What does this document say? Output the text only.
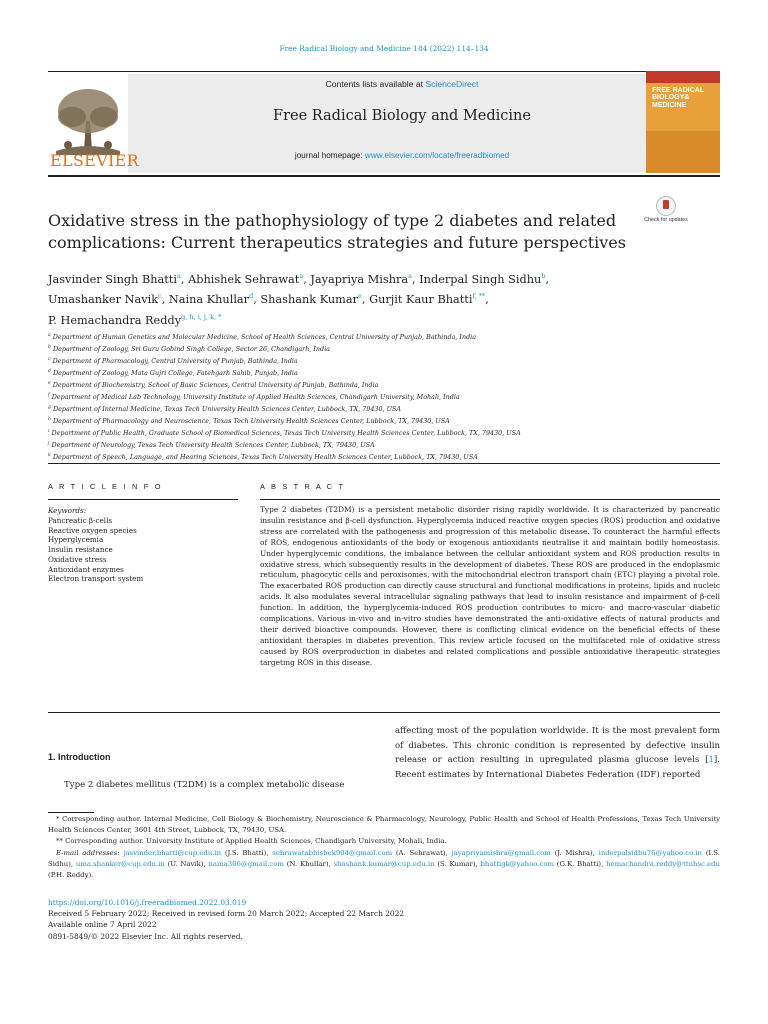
Free Radical Biology and Medicine 184 (2022) 114–134
ELSEVIER
Contents lists available at ScienceDirect
Free Radical Biology and Medicine
journal homepage: www.elsevier.com/locate/freeradbiomed
FREE RADICAL BIOLOGY& MEDICINE
Check for updates
Oxidative stress in the pathophysiology of type 2 diabetes and related complications: Current therapeutics strategies and future perspectives
Jasvinder Singh Bhatti$^a$, Abhishek Sehrawat$^a$, Jayapriya Mishra$^a$, Inderpal Singh Sidhu$^b$,
Umashanker Navik$^c$, Naina Khullar$^d$, Shashank Kumar$^e$, Gurjit Kaur Bhatti$^{f, **}$,
P. Hemachandra Reddy$^{g, h, i, j, k, *}$
$^a$ Department of Human Genetics and Molecular Medicine, School of Health Sciences, Central University of Punjab, Bathinda, India
$^b$ Department of Zoology, Sri Guru Gobind Singh College, Sector 26, Chandigarh, India
$^c$ Department of Pharmacology, Central University of Punjab, Bathinda, India
$^d$ Department of Zoology, Mata Gujri College, Fatehgarh Sahib, Punjab, India
$^e$ Department of Biochemistry, School of Basic Sciences, Central University of Punjab, Bathinda, India
$^f$ Department of Medical Lab Technology, University Institute of Applied Health Sciences, Chandigarh University, Mohali, India
$^g$ Department of Internal Medicine, Texas Tech University Health Sciences Center, Lubbock, TX, 79430, USA
$^h$ Department of Pharmacology and Neuroscience, Texas Tech University Health Sciences Center, Lubbock, TX, 79430, USA
$^i$ Department of Public Health, Graduate School of Biomedical Sciences, Texas Tech University Health Sciences Center, Lubbock, TX, 79430, USA
$^j$ Department of Neurology, Texas Tech University Health Sciences Center, Lubbock, TX, 79430, USA
$^k$ Department of Speech, Language, and Hearing Sciences, Texas Tech University Health Sciences Center, Lubbock, TX, 79430, USA
A R T I C L E I N F O	A B S T R A C T
Keywords:
Pancreatic β-cells
Reactive oxygen species
Hyperglycemia
Insulin resistance
Oxidative stress
Antioxidant enzymes
Electron transport system
Type 2 diabetes (T2DM) is a persistent metabolic disorder rising rapidly worldwide. It is characterized by pancreatic insulin resistance and β-cell dysfunction. Hyperglycemia induced reactive oxygen species (ROS) production and oxidative stress are correlated with the pathogenesis and progression of this metabolic disease. To counteract the harmful effects of ROS, endogenous antioxidants of the body or exogenous antioxidants neutralise it and maintain bodily homeostasis. Under hyperglycemic conditions, the imbalance between the cellular antioxidant system and ROS production results in oxidative stress, which subsequently results in the development of diabetes. These ROS are produced in the endoplasmic reticulum, phagocytic cells and peroxisomes, with the mitochondrial electron transport chain (ETC) playing a pivotal role. The exacerbated ROS production can directly cause structural and functional modifications in proteins, lipids and nucleic acids. It also modulates several intracellular signaling pathways that lead to insulin resistance and impairment of β-cell function. In addition, the hyperglycemia-induced ROS production contributes to micro- and macro-vascular diabetic complications. Various in-vivo and in-vitro studies have demonstrated the anti-oxidative effects of natural products and their derived bioactive compounds. However, there is conflicting clinical evidence on the beneficial effects of these antioxidant therapies in diabetes prevention. This review article focused on the multifaceted role of oxidative stress caused by ROS overproduction in diabetes and related complications and possible antioxidative therapeutic strategies targeting ROS in this disease.
1. Introduction
Type 2 diabetes mellitus (T2DM) is a complex metabolic disease
affecting most of the population worldwide. It is the most prevalent form of diabetes. This chronic condition is represented by defective insulin release or action resulting in upregulated plasma glucose levels [1]. Recent estimates by International Diabetes Federation (IDF) reported

* Corresponding author. Internal Medicine, Cell Biology & Biochemistry, Neuroscience & Pharmacology, Neurology, Public Health and School of Health Professions, Texas Tech University Health Sciences Center, 3601 4th Street, Lubbock, TX, 79430, USA.

** Corresponding author. University Institute of Applied Health Sciences, Chandigarh University, Mohali, India.

E-mail addresses: jasvinder.bhatti@cup.edu.in (J.S. Bhatti), sehrawatabhishek904@gmail.com (A. Sehrawat), jayapriyamishra@gmail.com (J. Mishra), inderpalsidhu76@yahoo.co.in (I.S. Sidhu), uma.shanker@cup.edu.in (U. Navik), naina306@gmail.com (N. Khullar), shashank.kumar@cup.edu.in (S. Kumar), bhattigk@yahoo.com (G.K. Bhatti), hemachandra.reddy@ttuhsc.edu (P.H. Reddy).

https://doi.org/10.1016/j.freeradbiomed.2022.03.019
Received 5 February 2022; Received in revised form 20 March 2022; Accepted 22 March 2022
Available online 7 April 2022
0891-5849/© 2022 Elsevier Inc. All rights reserved.
